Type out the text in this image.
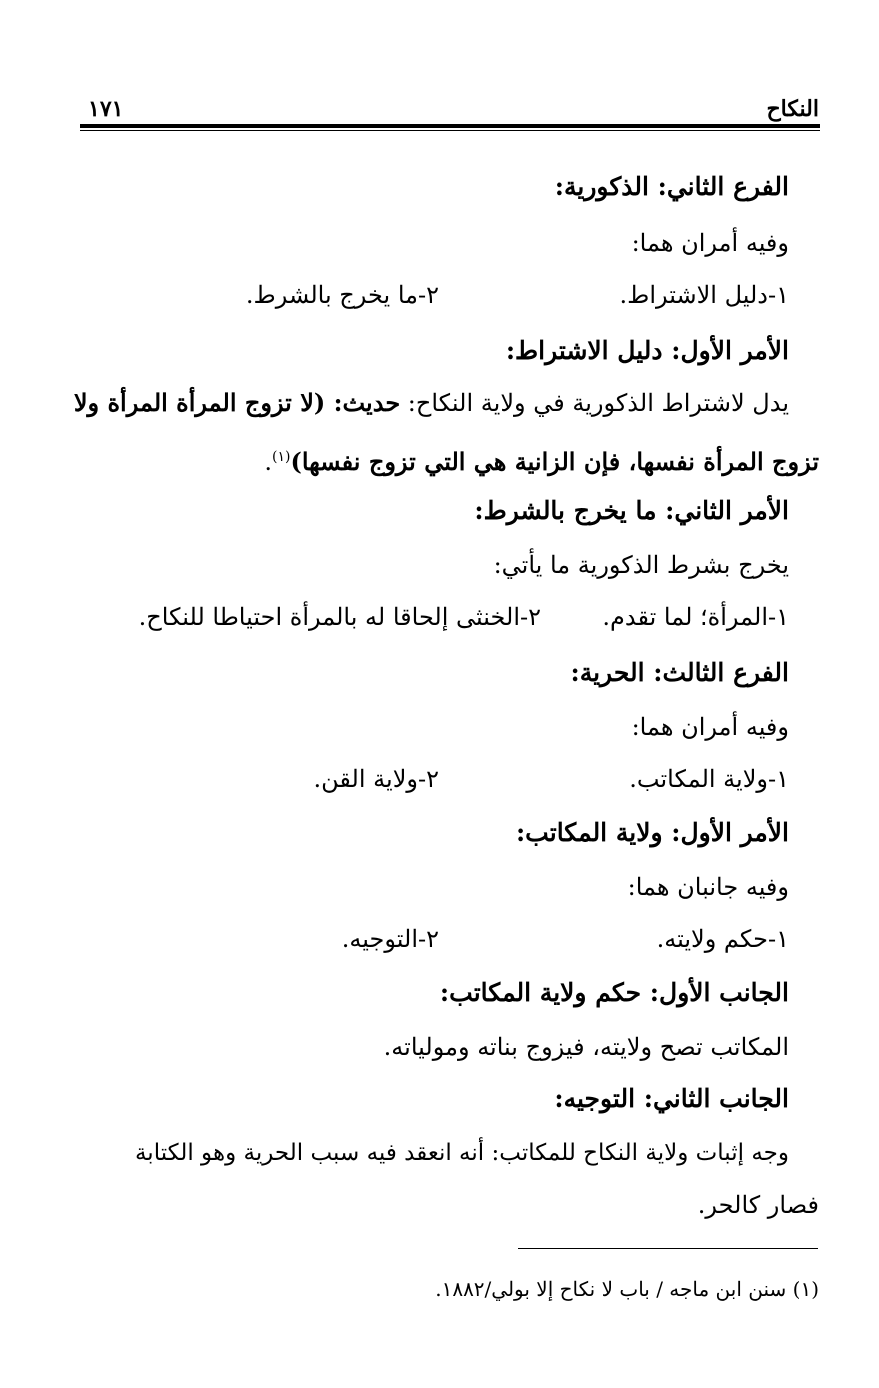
النكاح
١٧١
الفرع الثاني: الذكورية:
وفيه أمران هما:
١-دليل الاشتراط.
٢-ما يخرج بالشرط.
الأمر الأول: دليل الاشتراط:
يدل لاشتراط الذكورية في ولاية النكاح: حديث: (لا تزوج المرأة المرأة ولا
تزوج المرأة نفسها، فإن الزانية هي التي تزوج نفسها)$^{(١)}$.
الأمر الثاني: ما يخرج بالشرط:
يخرج بشرط الذكورية ما يأتي:
١-المرأة؛ لما تقدم.
٢-الخنثى إلحاقا له بالمرأة احتياطا للنكاح.
الفرع الثالث: الحرية:
وفيه أمران هما:
١-ولاية المكاتب.
٢-ولاية القن.
الأمر الأول: ولاية المكاتب:
وفيه جانبان هما:
١-حكم ولايته.
٢-التوجيه.
الجانب الأول: حكم ولاية المكاتب:
المكاتب تصح ولايته، فيزوج بناته ومولياته.
الجانب الثاني: التوجيه:
وجه إثبات ولاية النكاح للمكاتب: أنه انعقد فيه سبب الحرية وهو الكتابة
فصار كالحر.
(١) سنن ابن ماجه / باب لا نكاح إلا بولي/١٨٨٢.
